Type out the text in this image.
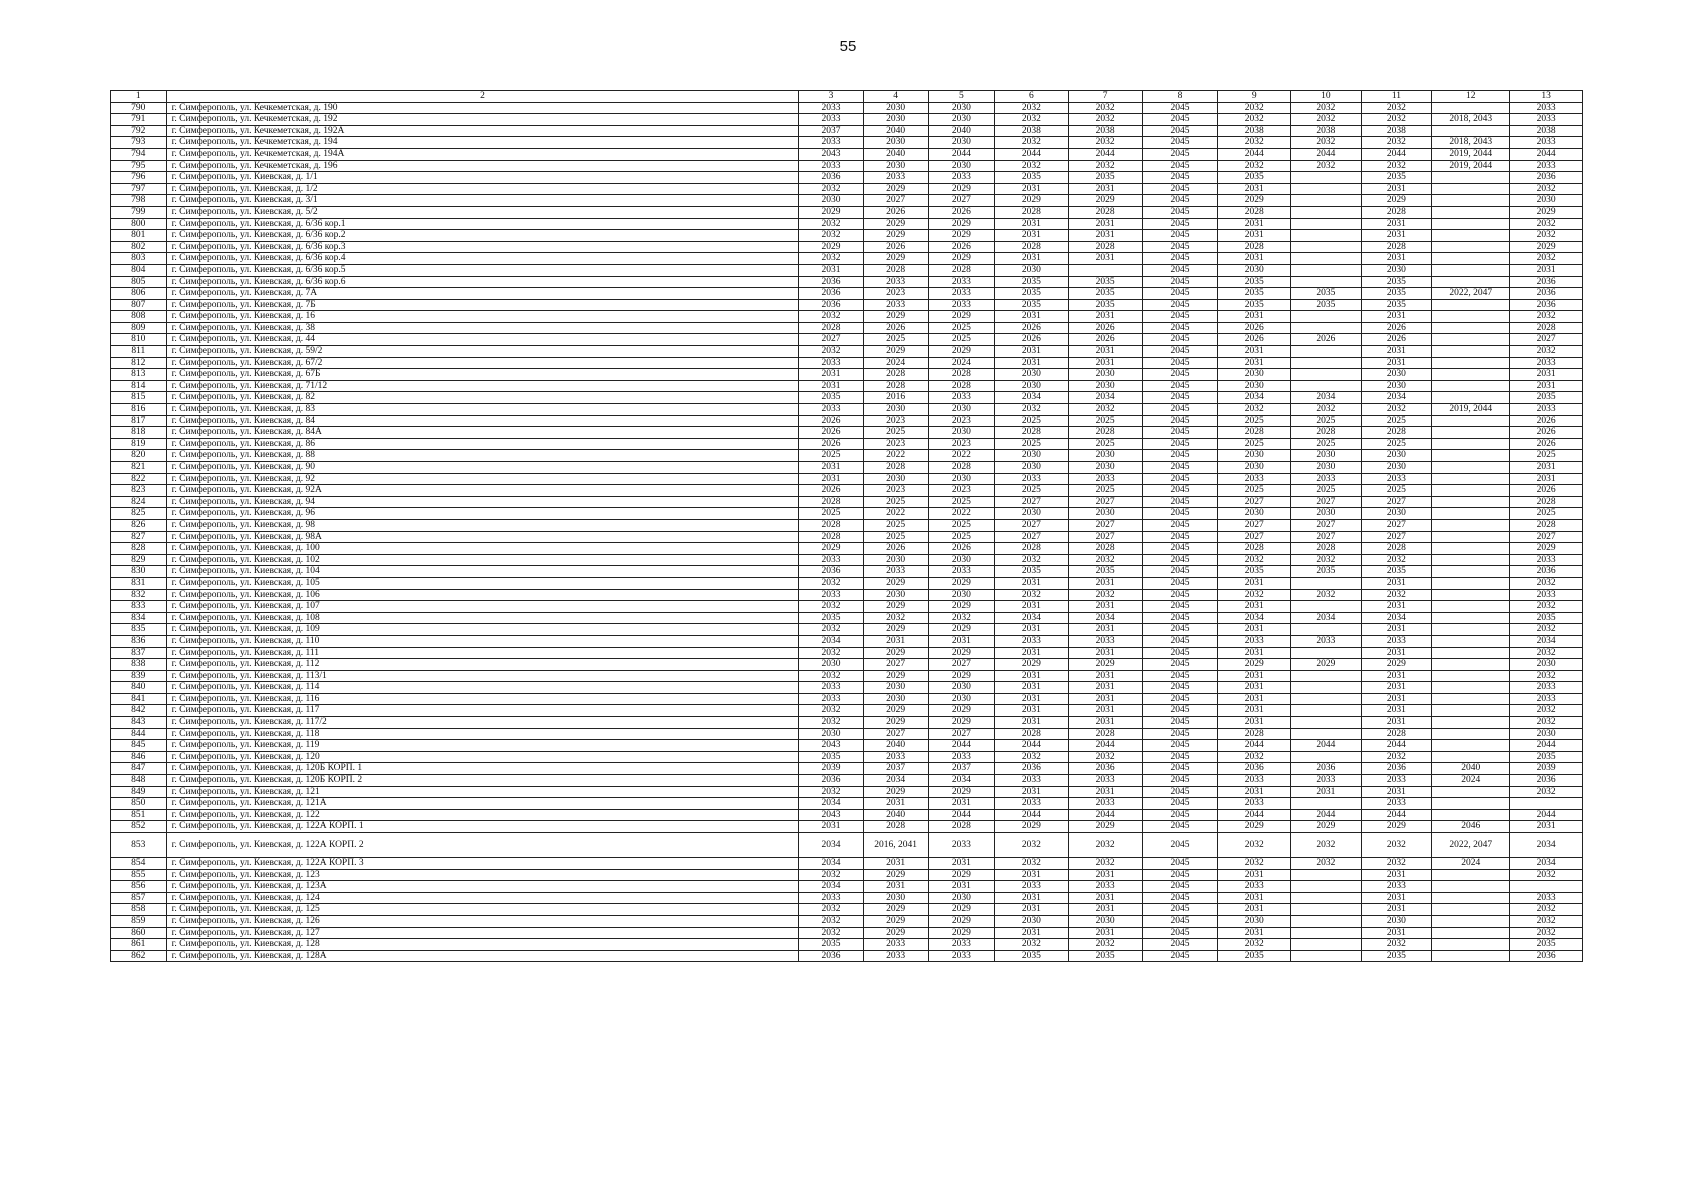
55
1	2	3	4	5	6	7	8	9	10	11	12	13
790	г. Симферополь, ул. Кечкеметская, д. 190	2033	2030	2030	2032	2032	2045	2032	2032	2032		2033
791	г. Симферополь, ул. Кечкеметская, д. 192	2033	2030	2030	2032	2032	2045	2032	2032	2032	2018, 2043	2033
792	г. Симферополь, ул. Кечкеметская, д. 192А	2037	2040	2040	2038	2038	2045	2038	2038	2038		2038
793	г. Симферополь, ул. Кечкеметская, д. 194	2033	2030	2030	2032	2032	2045	2032	2032	2032	2018, 2043	2033
794	г. Симферополь, ул. Кечкеметская, д. 194А	2043	2040	2044	2044	2044	2045	2044	2044	2044	2019, 2044	2044
795	г. Симферополь, ул. Кечкеметская, д. 196	2033	2030	2030	2032	2032	2045	2032	2032	2032	2019, 2044	2033
796	г. Симферополь, ул. Киевская, д. 1/1	2036	2033	2033	2035	2035	2045	2035		2035		2036
797	г. Симферополь, ул. Киевская, д. 1/2	2032	2029	2029	2031	2031	2045	2031		2031		2032
798	г. Симферополь, ул. Киевская, д. 3/1	2030	2027	2027	2029	2029	2045	2029		2029		2030
799	г. Симферополь, ул. Киевская, д. 5/2	2029	2026	2026	2028	2028	2045	2028		2028		2029
800	г. Симферополь, ул. Киевская, д. 6/36 кор.1	2032	2029	2029	2031	2031	2045	2031		2031		2032
801	г. Симферополь, ул. Киевская, д. 6/36 кор.2	2032	2029	2029	2031	2031	2045	2031		2031		2032
802	г. Симферополь, ул. Киевская, д. 6/36 кор.3	2029	2026	2026	2028	2028	2045	2028		2028		2029
803	г. Симферополь, ул. Киевская, д. 6/36 кор.4	2032	2029	2029	2031	2031	2045	2031		2031		2032
804	г. Симферополь, ул. Киевская, д. 6/36 кор.5	2031	2028	2028	2030		2045	2030		2030		2031
805	г. Симферополь, ул. Киевская, д. 6/36 кор.6	2036	2033	2033	2035	2035	2045	2035		2035		2036
806	г. Симферополь, ул. Киевская, д. 7А	2036	2023	2033	2035	2035	2045	2035	2035	2035	2022, 2047	2036
807	г. Симферополь, ул. Киевская, д. 7Б	2036	2033	2033	2035	2035	2045	2035	2035	2035		2036
808	г. Симферополь, ул. Киевская, д. 16	2032	2029	2029	2031	2031	2045	2031		2031		2032
809	г. Симферополь, ул. Киевская, д. 38	2028	2026	2025	2026	2026	2045	2026		2026		2028
810	г. Симферополь, ул. Киевская, д. 44	2027	2025	2025	2026	2026	2045	2026	2026	2026		2027
811	г. Симферополь, ул. Киевская, д. 59/2	2032	2029	2029	2031	2031	2045	2031		2031		2032
812	г. Симферополь, ул. Киевская, д. 67/2	2033	2024	2024	2031	2031	2045	2031		2031		2033
813	г. Симферополь, ул. Киевская, д. 67Б	2031	2028	2028	2030	2030	2045	2030		2030		2031
814	г. Симферополь, ул. Киевская, д. 71/12	2031	2028	2028	2030	2030	2045	2030		2030		2031
815	г. Симферополь, ул. Киевская, д. 82	2035	2016	2033	2034	2034	2045	2034	2034	2034		2035
816	г. Симферополь, ул. Киевская, д. 83	2033	2030	2030	2032	2032	2045	2032	2032	2032	2019, 2044	2033
817	г. Симферополь, ул. Киевская, д. 84	2026	2023	2023	2025	2025	2045	2025	2025	2025		2026
818	г. Симферополь, ул. Киевская, д. 84А	2026	2025	2030	2028	2028	2045	2028	2028	2028		2026
819	г. Симферополь, ул. Киевская, д. 86	2026	2023	2023	2025	2025	2045	2025	2025	2025		2026
820	г. Симферополь, ул. Киевская, д. 88	2025	2022	2022	2030	2030	2045	2030	2030	2030		2025
821	г. Симферополь, ул. Киевская, д. 90	2031	2028	2028	2030	2030	2045	2030	2030	2030		2031
822	г. Симферополь, ул. Киевская, д. 92	2031	2030	2030	2033	2033	2045	2033	2033	2033		2031
823	г. Симферополь, ул. Киевская, д. 92А	2026	2023	2023	2025	2025	2045	2025	2025	2025		2026
824	г. Симферополь, ул. Киевская, д. 94	2028	2025	2025	2027	2027	2045	2027	2027	2027		2028
825	г. Симферополь, ул. Киевская, д. 96	2025	2022	2022	2030	2030	2045	2030	2030	2030		2025
826	г. Симферополь, ул. Киевская, д. 98	2028	2025	2025	2027	2027	2045	2027	2027	2027		2028
827	г. Симферополь, ул. Киевская, д. 98А	2028	2025	2025	2027	2027	2045	2027	2027	2027		2027
828	г. Симферополь, ул. Киевская, д. 100	2029	2026	2026	2028	2028	2045	2028	2028	2028		2029
829	г. Симферополь, ул. Киевская, д. 102	2033	2030	2030	2032	2032	2045	2032	2032	2032		2033
830	г. Симферополь, ул. Киевская, д. 104	2036	2033	2033	2035	2035	2045	2035	2035	2035		2036
831	г. Симферополь, ул. Киевская, д. 105	2032	2029	2029	2031	2031	2045	2031		2031		2032
832	г. Симферополь, ул. Киевская, д. 106	2033	2030	2030	2032	2032	2045	2032	2032	2032		2033
833	г. Симферополь, ул. Киевская, д. 107	2032	2029	2029	2031	2031	2045	2031		2031		2032
834	г. Симферополь, ул. Киевская, д. 108	2035	2032	2032	2034	2034	2045	2034	2034	2034		2035
835	г. Симферополь, ул. Киевская, д. 109	2032	2029	2029	2031	2031	2045	2031		2031		2032
836	г. Симферополь, ул. Киевская, д. 110	2034	2031	2031	2033	2033	2045	2033	2033	2033		2034
837	г. Симферополь, ул. Киевская, д. 111	2032	2029	2029	2031	2031	2045	2031		2031		2032
838	г. Симферополь, ул. Киевская, д. 112	2030	2027	2027	2029	2029	2045	2029	2029	2029		2030
839	г. Симферополь, ул. Киевская, д. 113/1	2032	2029	2029	2031	2031	2045	2031		2031		2032
840	г. Симферополь, ул. Киевская, д. 114	2033	2030	2030	2031	2031	2045	2031		2031		2033
841	г. Симферополь, ул. Киевская, д. 116	2033	2030	2030	2031	2031	2045	2031		2031		2033
842	г. Симферополь, ул. Киевская, д. 117	2032	2029	2029	2031	2031	2045	2031		2031		2032
843	г. Симферополь, ул. Киевская, д. 117/2	2032	2029	2029	2031	2031	2045	2031		2031		2032
844	г. Симферополь, ул. Киевская, д. 118	2030	2027	2027	2028	2028	2045	2028		2028		2030
845	г. Симферополь, ул. Киевская, д. 119	2043	2040	2044	2044	2044	2045	2044	2044	2044		2044
846	г. Симферополь, ул. Киевская, д. 120	2035	2033	2033	2032	2032	2045	2032		2032		2035
847	г. Симферополь, ул. Киевская, д. 120Б КОРП. 1	2039	2037	2037	2036	2036	2045	2036	2036	2036	2040	2039
848	г. Симферополь, ул. Киевская, д. 120Б КОРП. 2	2036	2034	2034	2033	2033	2045	2033	2033	2033	2024	2036
849	г. Симферополь, ул. Киевская, д. 121	2032	2029	2029	2031	2031	2045	2031	2031	2031		2032
850	г. Симферополь, ул. Киевская, д. 121А	2034	2031	2031	2033	2033	2045	2033		2033		
851	г. Симферополь, ул. Киевская, д. 122	2043	2040	2044	2044	2044	2045	2044	2044	2044		2044
852	г. Симферополь, ул. Киевская, д. 122А КОРП. 1	2031	2028	2028	2029	2029	2045	2029	2029	2029	2046	2031
853	г. Симферополь, ул. Киевская, д. 122А КОРП. 2	2034	2016, 2041	2033	2032	2032	2045	2032	2032	2032	2022, 2047	2034
854	г. Симферополь, ул. Киевская, д. 122А КОРП. 3	2034	2031	2031	2032	2032	2045	2032	2032	2032	2024	2034
855	г. Симферополь, ул. Киевская, д. 123	2032	2029	2029	2031	2031	2045	2031		2031		2032
856	г. Симферополь, ул. Киевская, д. 123А	2034	2031	2031	2033	2033	2045	2033		2033		
857	г. Симферополь, ул. Киевская, д. 124	2033	2030	2030	2031	2031	2045	2031		2031		2033
858	г. Симферополь, ул. Киевская, д. 125	2032	2029	2029	2031	2031	2045	2031		2031		2032
859	г. Симферополь, ул. Киевская, д. 126	2032	2029	2029	2030	2030	2045	2030		2030		2032
860	г. Симферополь, ул. Киевская, д. 127	2032	2029	2029	2031	2031	2045	2031		2031		2032
861	г. Симферополь, ул. Киевская, д. 128	2035	2033	2033	2032	2032	2045	2032		2032		2035
862	г. Симферополь, ул. Киевская, д. 128А	2036	2033	2033	2035	2035	2045	2035		2035		2036
